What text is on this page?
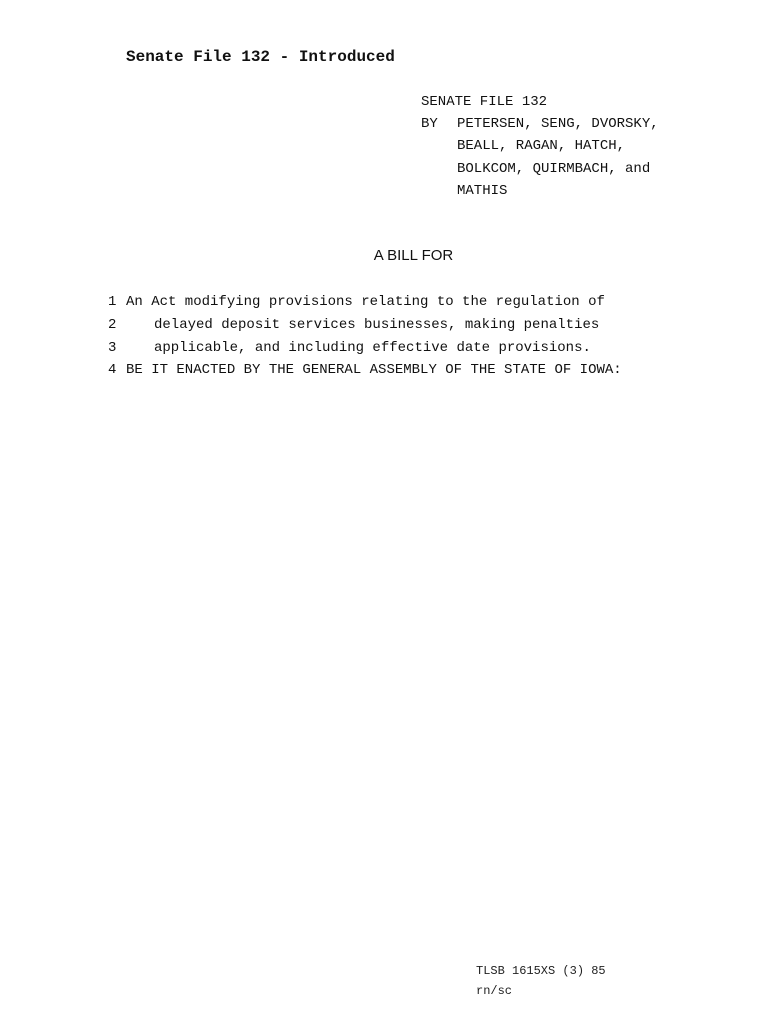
Senate File 132 - Introduced
SENATE FILE 132

BY

PETERSEN, SENG, DVORSKY,

BEALL, RAGAN, HATCH,

BOLKCOM, QUIRMBACH, and

MATHIS

A BILL FOR

1

An Act modifying provisions relating to the regulation of

2

	delayed deposit services businesses, making penalties

3

	applicable, and including effective date provisions.

4

BE IT ENACTED BY THE GENERAL ASSEMBLY OF THE STATE OF IOWA:

TLSB 1615XS (3) 85
rn/sc
